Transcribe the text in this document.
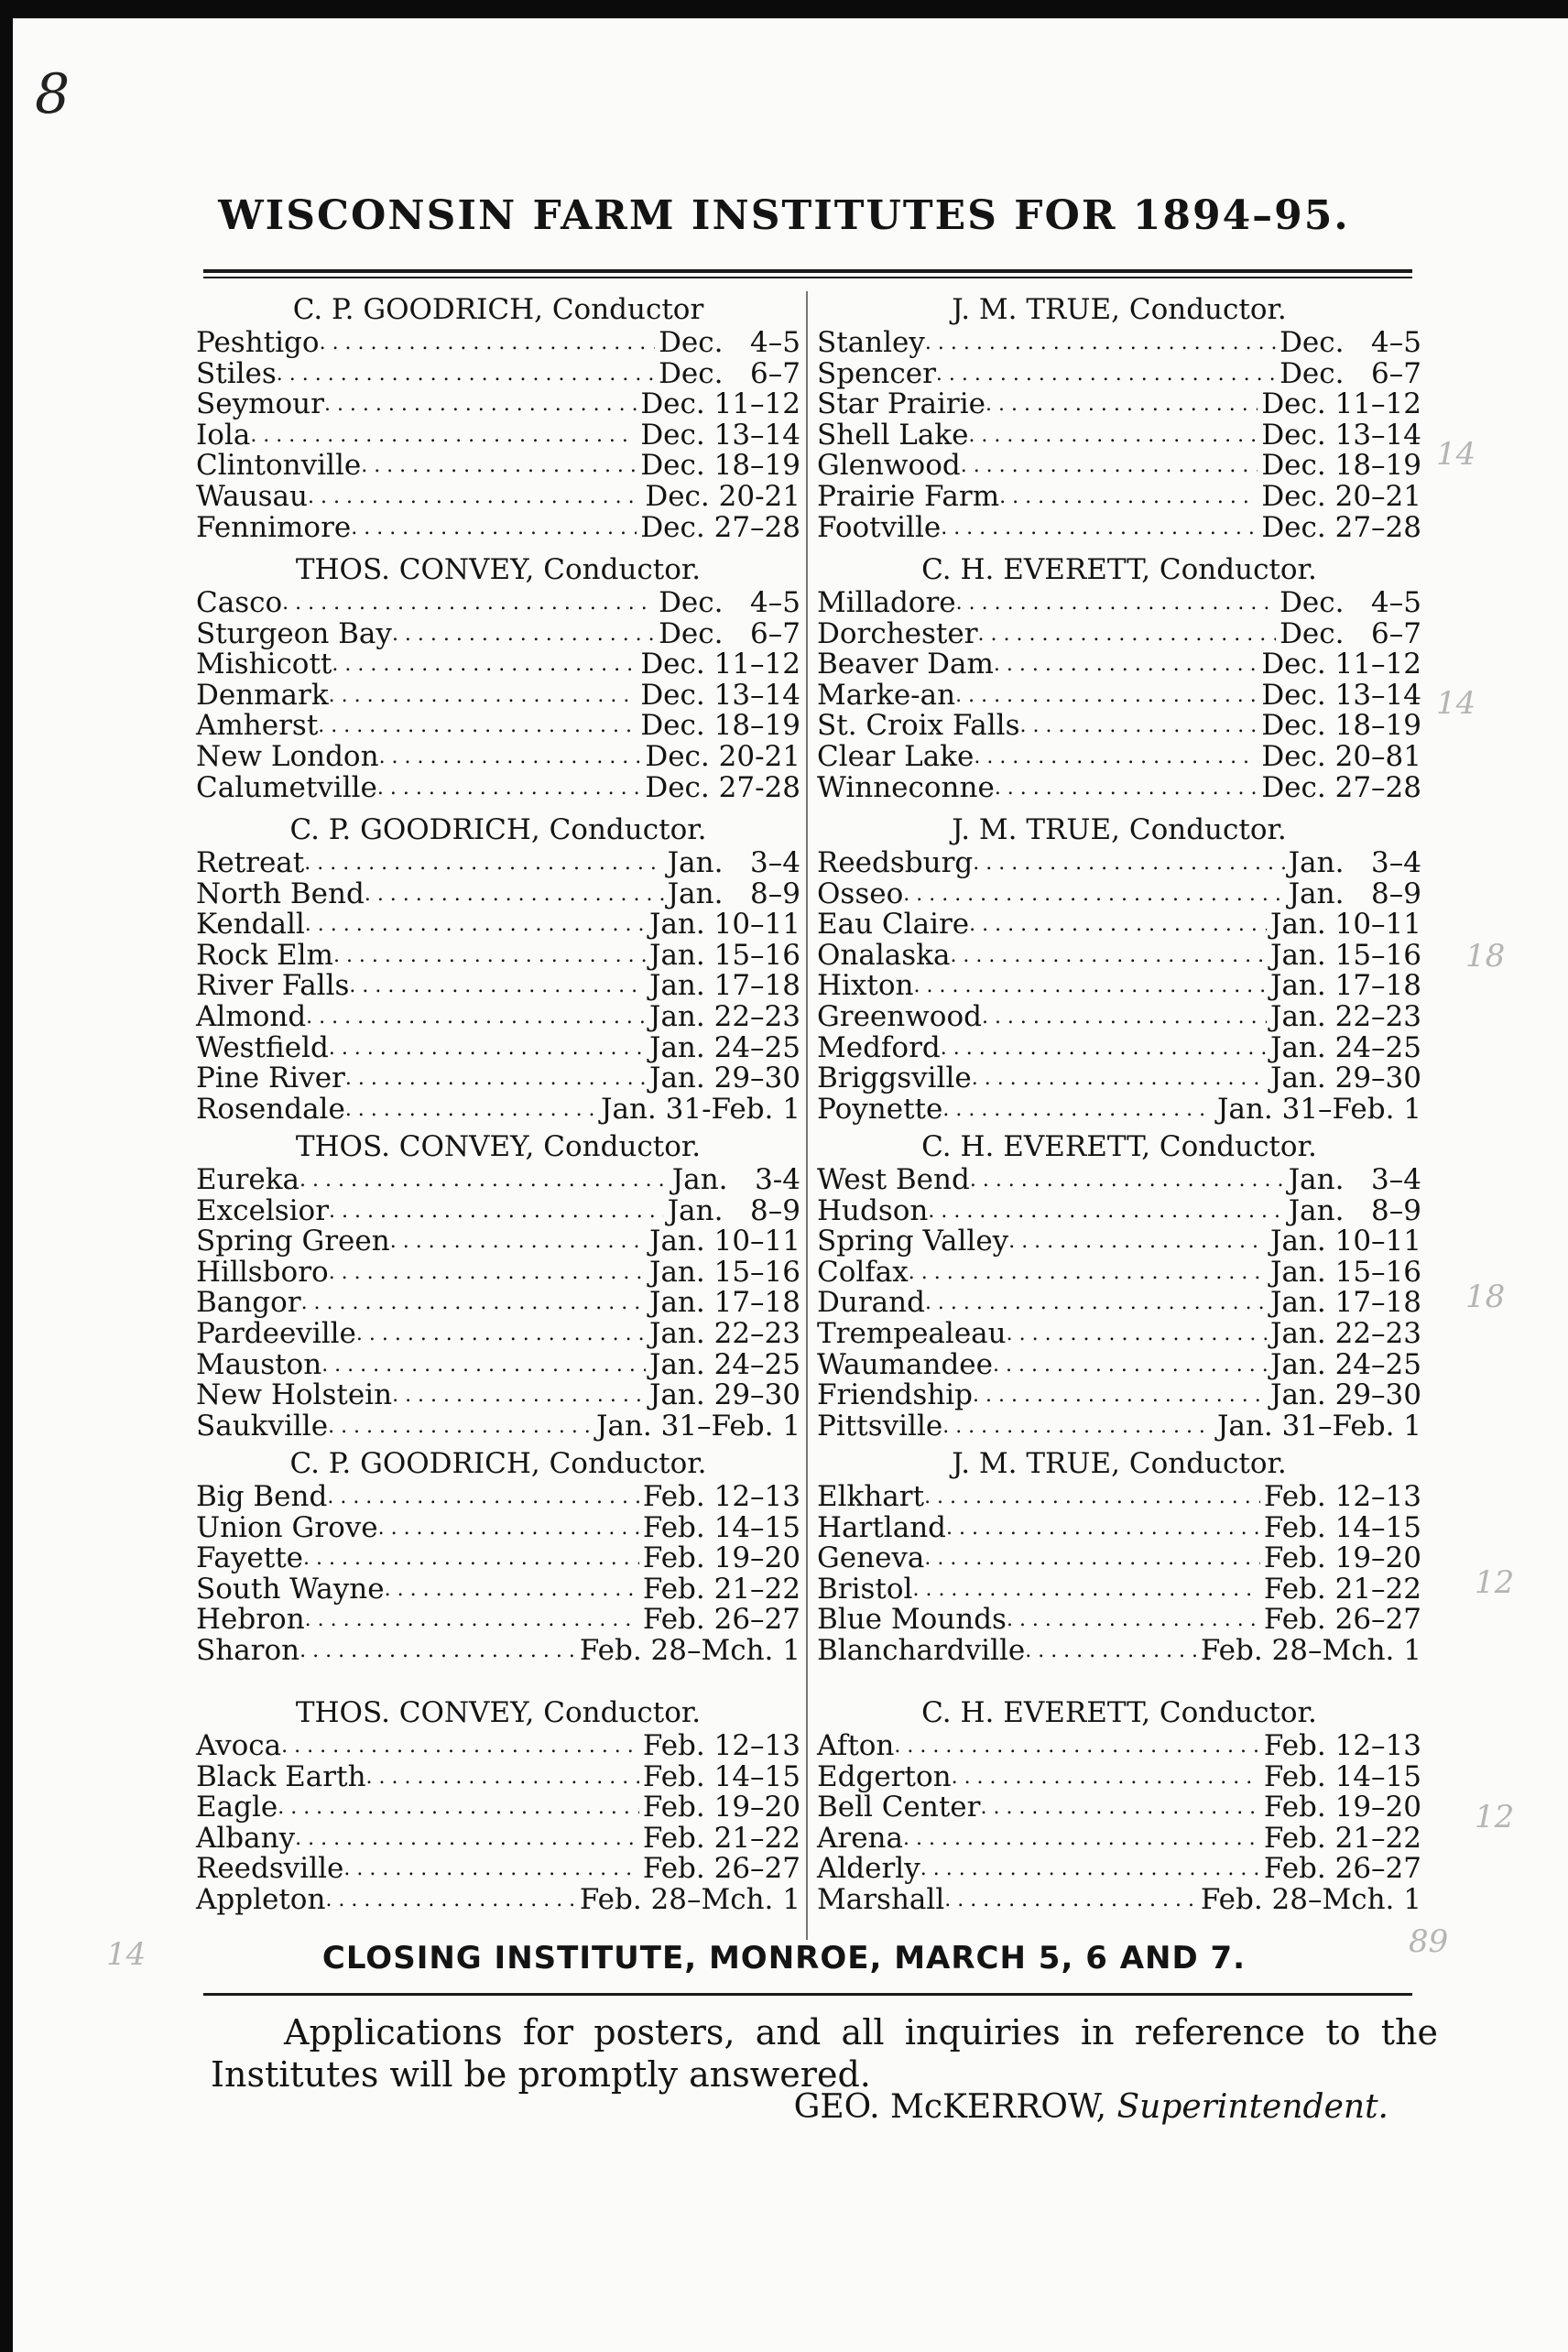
8
14
14
18
18
12
12
14	89
WISCONSIN FARM INSTITUTES FOR 1894–95.
C. P. GOODRICH, Conductor
Peshtigo . . .	Dec.   4–5
Stiles . . .	Dec.   6–7
Seymour . . .	Dec. 11–12
Iola . . .	Dec. 13–14
Clintonville . . .	Dec. 18–19
Wausau . . .	Dec. 20-21
Fennimore . . .	Dec. 27–28
THOS. CONVEY, Conductor.
Casco . . .	Dec.   4–5
Sturgeon Bay . . .	Dec.   6–7
Mishicott . . .	Dec. 11–12
Denmark . . .	Dec. 13–14
Amherst . . .	Dec. 18–19
New London . . .	Dec. 20-21
Calumetville . . .	Dec. 27-28
C. P. GOODRICH, Conductor.
Retreat . . .	Jan.   3–4
North Bend . . .	Jan.   8–9
Kendall . . .	Jan. 10–11
Rock Elm . . .	Jan. 15–16
River Falls . . .	Jan. 17–18
Almond . . .	Jan. 22–23
Westfield . . .	Jan. 24–25
Pine River . . .	Jan. 29–30
Rosendale . . .	Jan. 31-Feb. 1
THOS. CONVEY, Conductor.
Eureka . . .	Jan.   3-4
Excelsior . . .	Jan.   8–9
Spring Green . . .	Jan. 10–11
Hillsboro . . .	Jan. 15–16
Bangor . . .	Jan. 17–18
Pardeeville . . .	Jan. 22–23
Mauston . . .	Jan. 24–25
New Holstein . . .	Jan. 29–30
Saukville . . .	Jan. 31–Feb. 1
C. P. GOODRICH, Conductor.
Big Bend . . .	Feb. 12–13
Union Grove . . .	Feb. 14–15
Fayette . . .	Feb. 19–20
South Wayne . . .	Feb. 21–22
Hebron . . .	Feb. 26–27
Sharon . . .	Feb. 28–Mch. 1
THOS. CONVEY, Conductor.
Avoca . . .	Feb. 12–13
Black Earth . . .	Feb. 14–15
Eagle . . .	Feb. 19–20
Albany . . .	Feb. 21–22
Reedsville . . .	Feb. 26–27
Appleton . . .	Feb. 28–Mch. 1
J. M. TRUE, Conductor.
Stanley . . .	Dec.   4–5
Spencer . . .	Dec.   6–7
Star Prairie . . .	Dec. 11–12
Shell Lake . . .	Dec. 13–14
Glenwood . . .	Dec. 18–19
Prairie Farm . . .	Dec. 20–21
Footville . . .	Dec. 27–28
C. H. EVERETT, Conductor.
Milladore . . .	Dec.   4–5
Dorchester . . .	Dec.   6–7
Beaver Dam . . .	Dec. 11–12
Marke-an . . .	Dec. 13–14
St. Croix Falls . . .	Dec. 18–19
Clear Lake . . .	Dec. 20–81
Winneconne . . .	Dec. 27–28
J. M. TRUE, Conductor.
Reedsburg . . .	Jan.   3–4
Osseo . . .	Jan.   8–9
Eau Claire . . .	Jan. 10–11
Onalaska . . .	Jan. 15–16
Hixton . . .	Jan. 17–18
Greenwood . . .	Jan. 22–23
Medford . . .	Jan. 24–25
Briggsville . . .	Jan. 29–30
Poynette . . .	Jan. 31–Feb. 1
C. H. EVERETT, Conductor.
West Bend . . .	Jan.   3–4
Hudson . . .	Jan.   8–9
Spring Valley . . .	Jan. 10–11
Colfax . . .	Jan. 15–16
Durand . . .	Jan. 17–18
Trempealeau . . .	Jan. 22–23
Waumandee . . .	Jan. 24–25
Friendship . . .	Jan. 29–30
Pittsville . . .	Jan. 31–Feb. 1
J. M. TRUE, Conductor.
Elkhart . . .	Feb. 12–13
Hartland . . .	Feb. 14–15
Geneva . . .	Feb. 19–20
Bristol . . .	Feb. 21–22
Blue Mounds . . .	Feb. 26–27
Blanchardville . . .	Feb. 28–Mch. 1
C. H. EVERETT, Conductor.
Afton . . .	Feb. 12–13
Edgerton . . .	Feb. 14–15
Bell Center . . .	Feb. 19–20
Arena . . .	Feb. 21–22
Alderly . . .	Feb. 26–27
Marshall . . .	Feb. 28–Mch. 1
CLOSING INSTITUTE, MONROE, MARCH 5, 6 AND 7.
Applications for posters, and all inquiries in reference to the Institutes will be promptly answered.
GEO. McKERROW, Superintendent.
